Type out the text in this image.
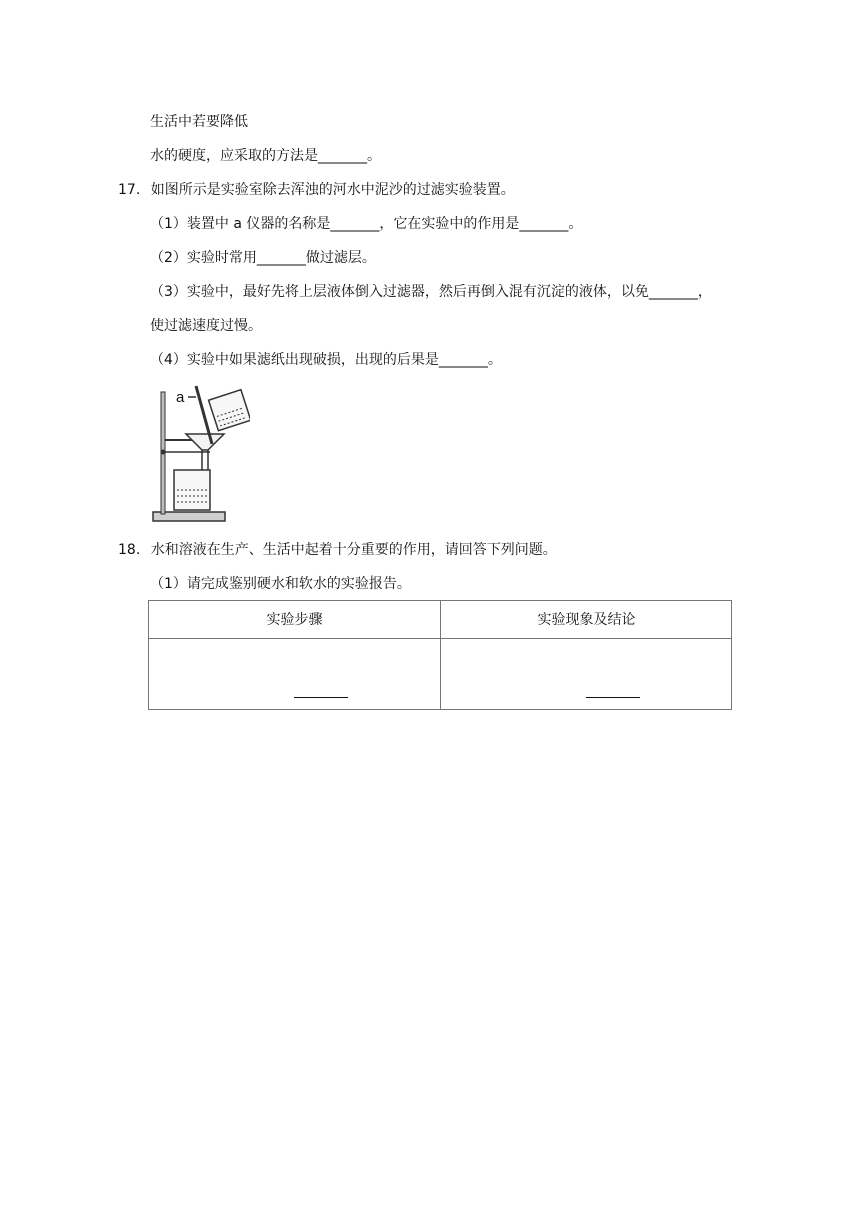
生活中若要降低
水的硬度，应采取的方法是_______。
17. 如图所示是实验室除去浑浊的河水中泥沙的过滤实验装置。
（1）装置中 a 仪器的名称是_______，它在实验中的作用是_______。
（2）实验时常用_______做过滤层。
（3）实验中，最好先将上层液体倒入过滤器，然后再倒入混有沉淀的液体，以免_______，
使过滤速度过慢。
（4）实验中如果滤纸出现破损，出现的后果是_______。
a
18. 水和溶液在生产、生活中起着十分重要的作用，请回答下列问题。
（1）请完成鉴别硬水和软水的实验报告。
实验步骤	实验现象及结论
